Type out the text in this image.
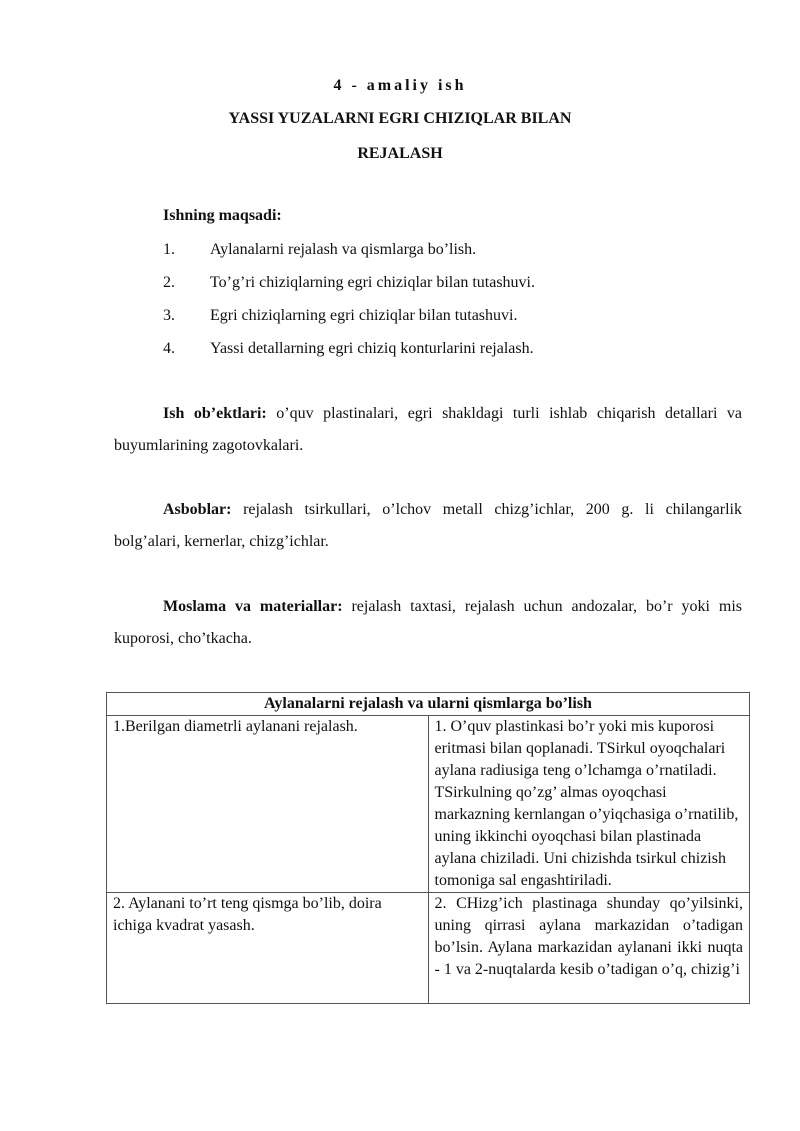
4 - amaliy ish
YASSI YUZALARNI EGRI CHIZIQLAR BILAN
REJALASH
Ishning maqsadi:
1. Aylanalarni rejalash va qismlarga bo’lish.
2. To’g’ri chiziqlarning egri chiziqlar bilan tutashuvi.
3. Egri chiziqlarning egri chiziqlar bilan tutashuvi.
4. Yassi detallarning egri chiziq konturlarini rejalash.

Ish ob’ektlari: o’quv plastinalari, egri shakldagi turli ishlab chiqarish detallari va buyumlarining zagotovkalari.

Asboblar: rejalash tsirkullari, o’lchov metall chizg’ichlar, 200 g. li chilangarlik bolg’alari, kernerlar, chizg’ichlar.

Moslama va materiallar: rejalash taxtasi, rejalash uchun andozalar, bo’r yoki mis kuporosi, cho’tkacha.

Aylanalarni rejalash va ularni qismlarga bo’lish	
1.Berilgan diametrli aylanani rejalash.	1. O’quv plastinkasi bo’r yoki mis kuporosi eritmasi bilan qoplanadi. TSirkul oyoqchalari aylana radiusiga teng o’lchamga o’rnatiladi. TSirkulning qo’zg’ almas oyoqchasi markazning kernlangan o’yiqchasiga o’rnatilib, uning ikkinchi oyoqchasi bilan plastinada aylana chiziladi. Uni chizishda tsirkul chizish tomoniga sal engashtiriladi.
2. Aylanani to’rt teng qismga bo’lib, doira ichiga kvadrat yasash.	2. CHizg’ich plastinaga shunday qo’yilsinki, uning qirrasi aylana markazidan o’tadigan bo’lsin. Aylana markazidan aylanani ikki nuqta - 1 va 2-nuqtalarda kesib o’tadigan o’q, chizig’i
